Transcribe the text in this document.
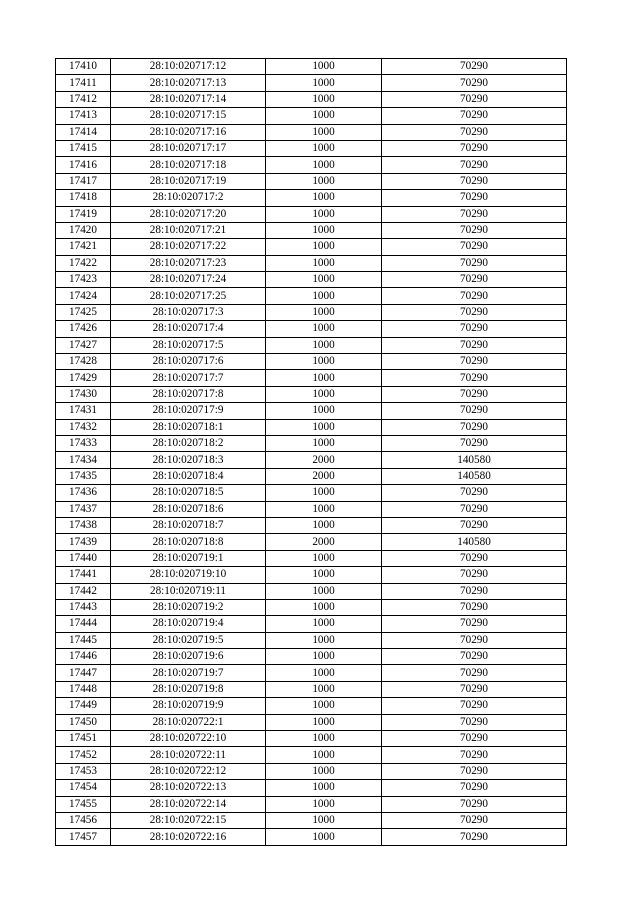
17410	28:10:020717:12	1000	70290
17411	28:10:020717:13	1000	70290
17412	28:10:020717:14	1000	70290
17413	28:10:020717:15	1000	70290
17414	28:10:020717:16	1000	70290
17415	28:10:020717:17	1000	70290
17416	28:10:020717:18	1000	70290
17417	28:10:020717:19	1000	70290
17418	28:10:020717:2	1000	70290
17419	28:10:020717:20	1000	70290
17420	28:10:020717:21	1000	70290
17421	28:10:020717:22	1000	70290
17422	28:10:020717:23	1000	70290
17423	28:10:020717:24	1000	70290
17424	28:10:020717:25	1000	70290
17425	28:10:020717:3	1000	70290
17426	28:10:020717:4	1000	70290
17427	28:10:020717:5	1000	70290
17428	28:10:020717:6	1000	70290
17429	28:10:020717:7	1000	70290
17430	28:10:020717:8	1000	70290
17431	28:10:020717:9	1000	70290
17432	28:10:020718:1	1000	70290
17433	28:10:020718:2	1000	70290
17434	28:10:020718:3	2000	140580
17435	28:10:020718:4	2000	140580
17436	28:10:020718:5	1000	70290
17437	28:10:020718:6	1000	70290
17438	28:10:020718:7	1000	70290
17439	28:10:020718:8	2000	140580
17440	28:10:020719:1	1000	70290
17441	28:10:020719:10	1000	70290
17442	28:10:020719:11	1000	70290
17443	28:10:020719:2	1000	70290
17444	28:10:020719:4	1000	70290
17445	28:10:020719:5	1000	70290
17446	28:10:020719:6	1000	70290
17447	28:10:020719:7	1000	70290
17448	28:10:020719:8	1000	70290
17449	28:10:020719:9	1000	70290
17450	28:10:020722:1	1000	70290
17451	28:10:020722:10	1000	70290
17452	28:10:020722:11	1000	70290
17453	28:10:020722:12	1000	70290
17454	28:10:020722:13	1000	70290
17455	28:10:020722:14	1000	70290
17456	28:10:020722:15	1000	70290
17457	28:10:020722:16	1000	70290
